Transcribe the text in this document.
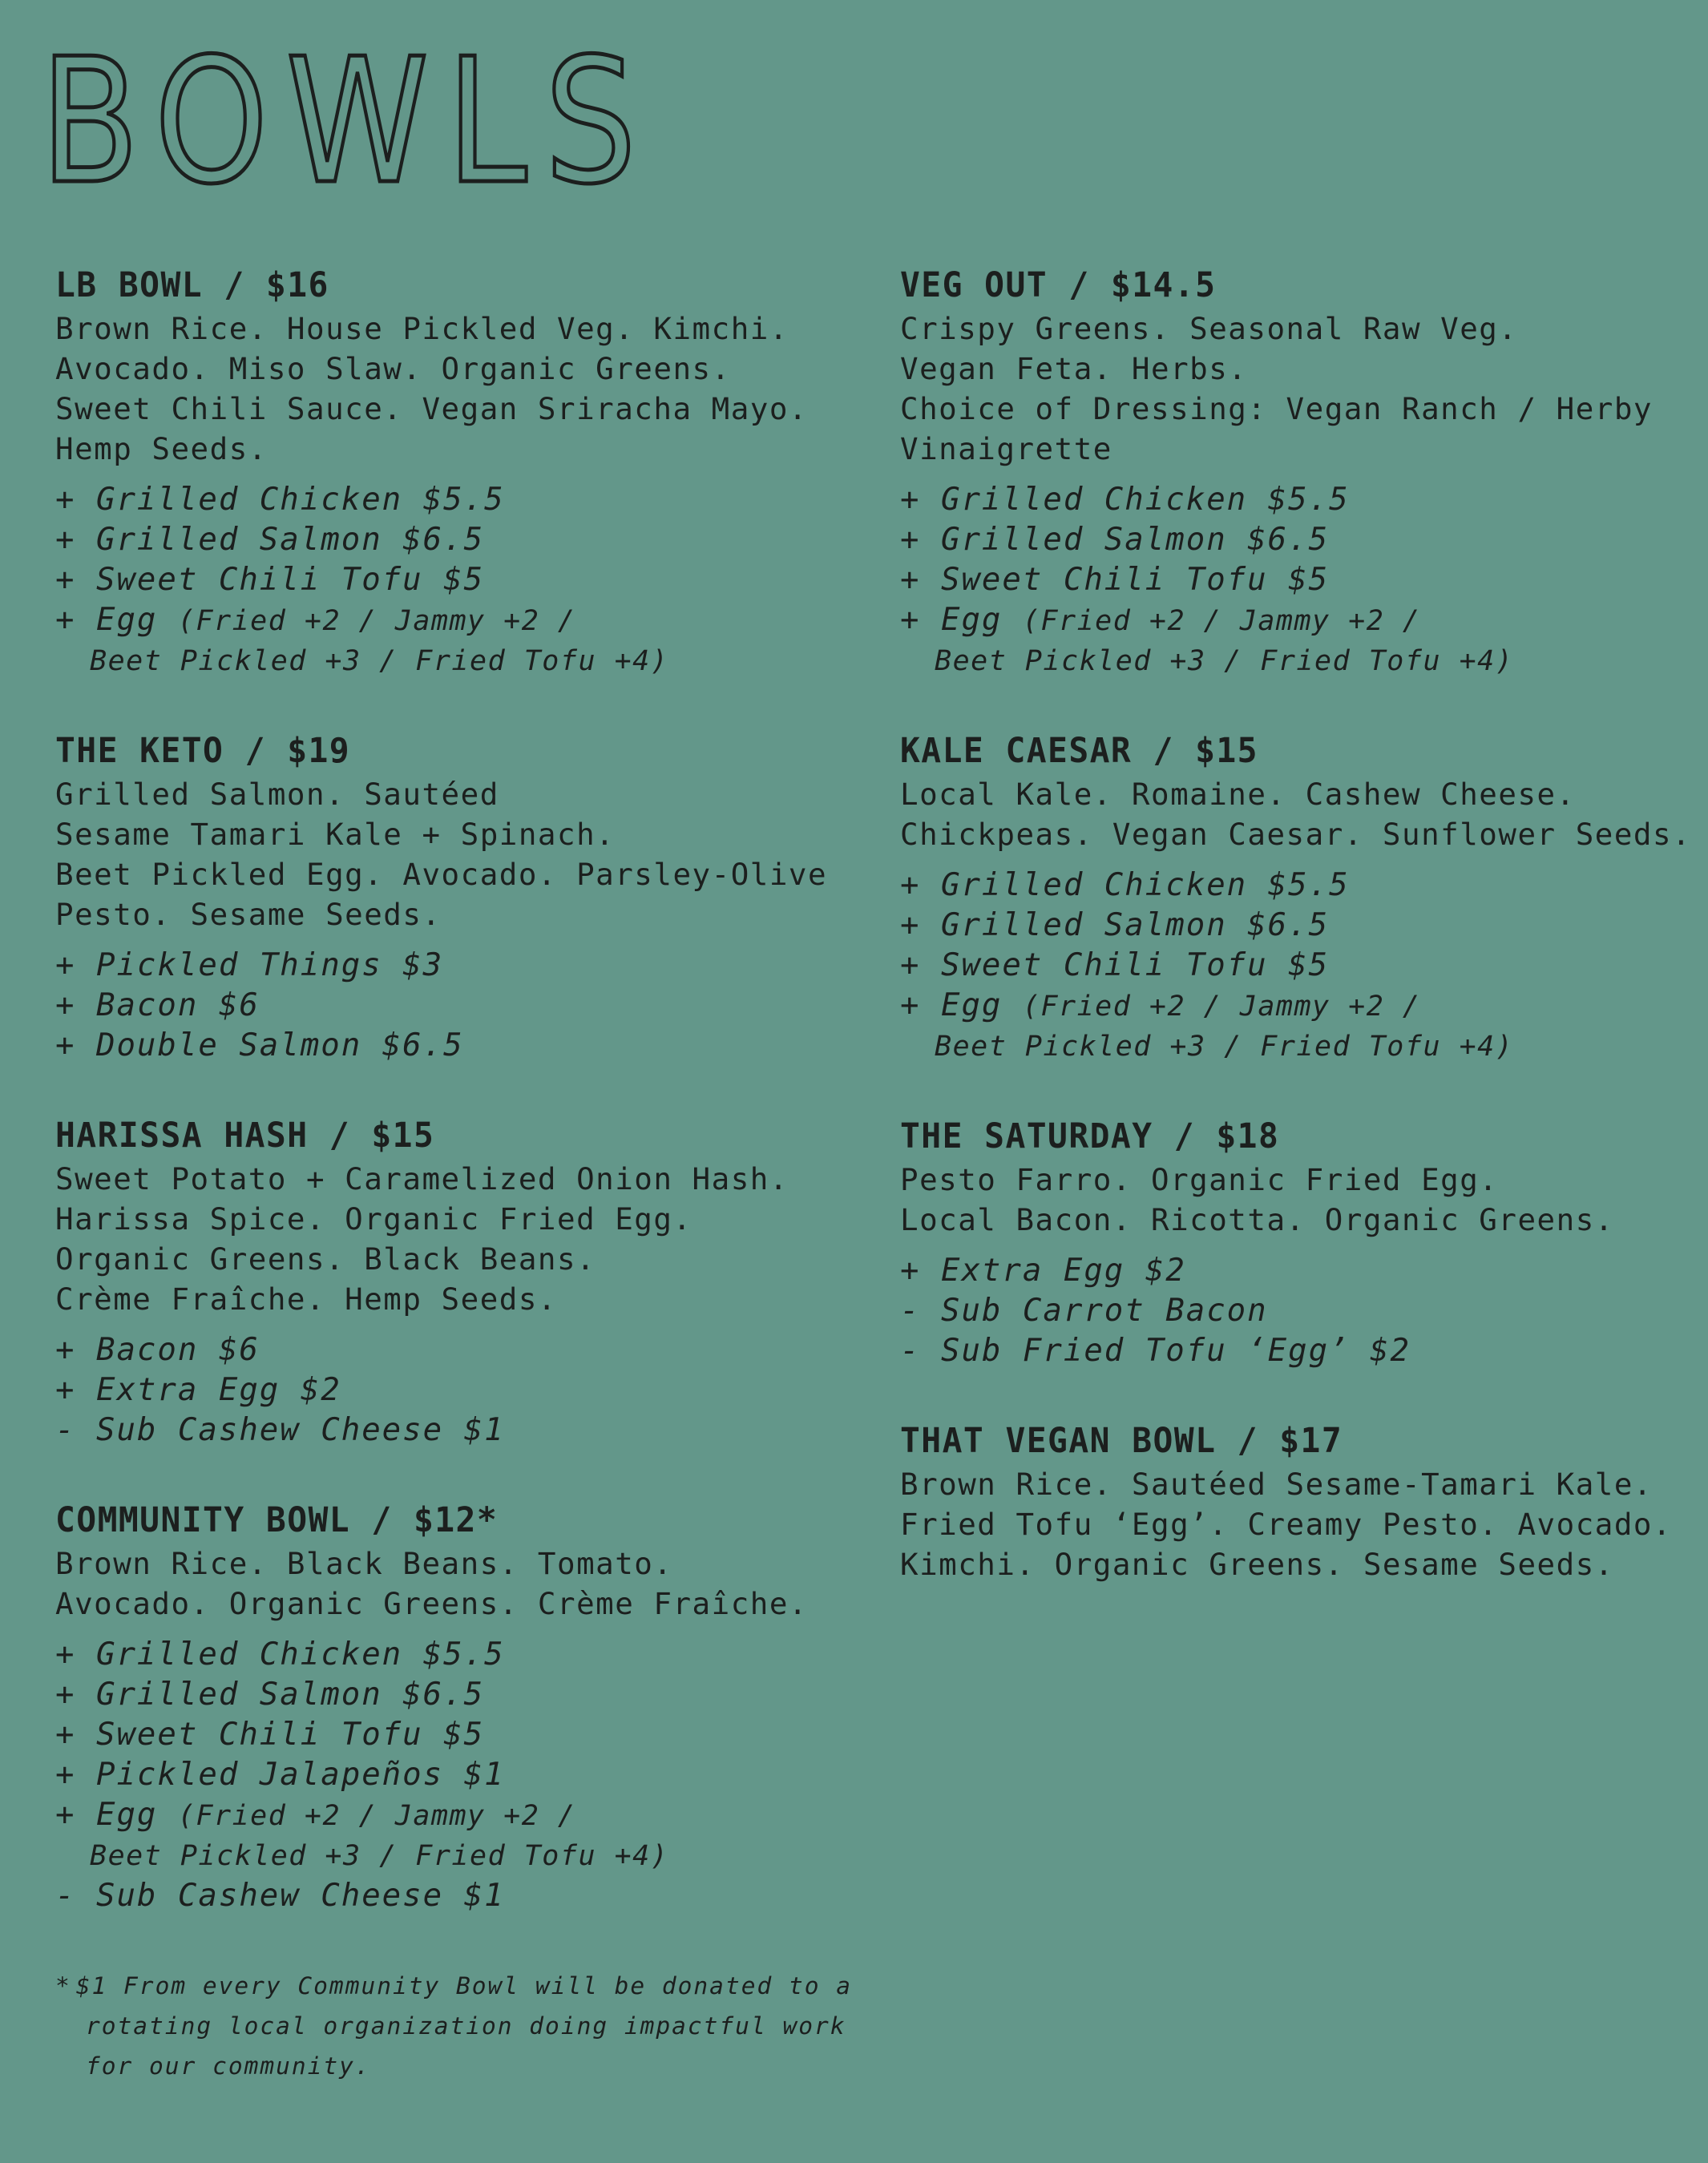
BOWLS
LB BOWL / $16
Brown Rice. House Pickled Veg. Kimchi.
Avocado. Miso Slaw. Organic Greens.
Sweet Chili Sauce. Vegan Sriracha Mayo.
Hemp Seeds.
+ Grilled Chicken $5.5
+ Grilled Salmon $6.5
+ Sweet Chili Tofu $5
+ Egg (Fried +2 / Jammy +2 /
Beet Pickled +3 / Fried Tofu +4)
THE KETO / $19
Grilled Salmon. Sautéed
Sesame Tamari Kale + Spinach.
Beet Pickled Egg. Avocado. Parsley-Olive
Pesto. Sesame Seeds.
+ Pickled Things $3
+ Bacon $6
+ Double Salmon $6.5
HARISSA HASH / $15
Sweet Potato + Caramelized Onion Hash.
Harissa Spice. Organic Fried Egg.
Organic Greens. Black Beans.
Crème Fraîche. Hemp Seeds.
+ Bacon $6
+ Extra Egg $2
- Sub Cashew Cheese $1
COMMUNITY BOWL / $12*
Brown Rice. Black Beans. Tomato.
Avocado. Organic Greens. Crème Fraîche.
+ Grilled Chicken $5.5
+ Grilled Salmon $6.5
+ Sweet Chili Tofu $5
+ Pickled Jalapeños $1
+ Egg (Fried +2 / Jammy +2 /
Beet Pickled +3 / Fried Tofu +4)
- Sub Cashew Cheese $1
VEG OUT / $14.5
Crispy Greens. Seasonal Raw Veg.
Vegan Feta. Herbs.
Choice of Dressing: Vegan Ranch / Herby
Vinaigrette
+ Grilled Chicken $5.5
+ Grilled Salmon $6.5
+ Sweet Chili Tofu $5
+ Egg (Fried +2 / Jammy +2 /
Beet Pickled +3 / Fried Tofu +4)
KALE CAESAR / $15
Local Kale. Romaine. Cashew Cheese.
Chickpeas. Vegan Caesar. Sunflower Seeds.
+ Grilled Chicken $5.5
+ Grilled Salmon $6.5
+ Sweet Chili Tofu $5
+ Egg (Fried +2 / Jammy +2 /
Beet Pickled +3 / Fried Tofu +4)
THE SATURDAY / $18
Pesto Farro. Organic Fried Egg.
Local Bacon. Ricotta. Organic Greens.
+ Extra Egg $2
- Sub Carrot Bacon
- Sub Fried Tofu ‘Egg’ $2
THAT VEGAN BOWL / $17
Brown Rice. Sautéed Sesame-Tamari Kale.
Fried Tofu ‘Egg’. Creamy Pesto. Avocado.
Kimchi. Organic Greens. Sesame Seeds.
* $1 From every Community Bowl will be donated to a
rotating local organization doing impactful work
for our community.
